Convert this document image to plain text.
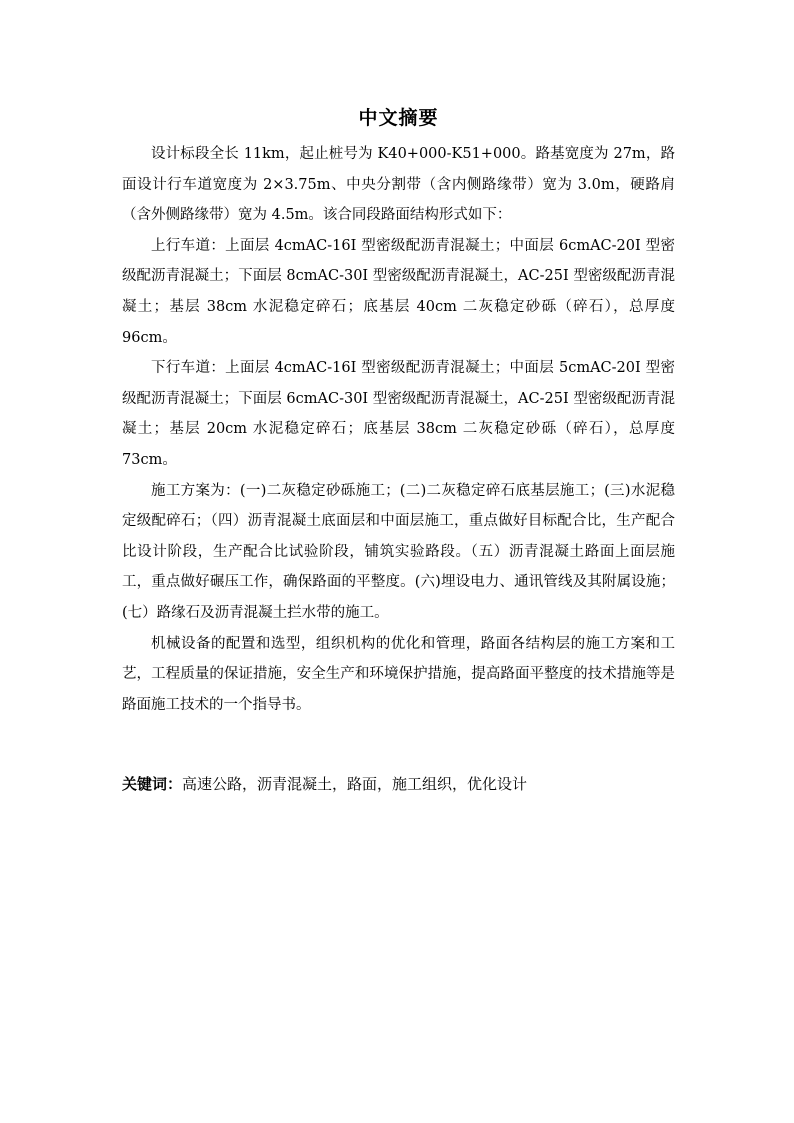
中文摘要

设计标段全长 11km，起止桩号为 K40+000-K51+000。路基宽度为 27m，路面设计行车道宽度为 2×3.75m、中央分割带（含内侧路缘带）宽为 3.0m，硬路肩（含外侧路缘带）宽为 4.5m。该合同段路面结构形式如下：

上行车道：上面层 4cmAC-16I 型密级配沥青混凝土；中面层 6cmAC-20I 型密级配沥青混凝土；下面层 8cmAC-30I 型密级配沥青混凝土，AC-25I 型密级配沥青混凝土；基层 38cm 水泥稳定碎石；底基层 40cm 二灰稳定砂砾（碎石），总厚度 96cm。

下行车道：上面层 4cmAC-16I 型密级配沥青混凝土；中面层 5cmAC-20I 型密级配沥青混凝土；下面层 6cmAC-30I 型密级配沥青混凝土，AC-25I 型密级配沥青混凝土；基层 20cm 水泥稳定碎石；底基层 38cm 二灰稳定砂砾（碎石），总厚度 73cm。

施工方案为：(一)二灰稳定砂砾施工；(二)二灰稳定碎石底基层施工；(三)水泥稳定级配碎石；（四）沥青混凝土底面层和中面层施工，重点做好目标配合比，生产配合比设计阶段，生产配合比试验阶段，铺筑实验路段。（五）沥青混凝土路面上面层施工，重点做好碾压工作，确保路面的平整度。(六)埋设电力、通讯管线及其附属设施；(七）路缘石及沥青混凝土拦水带的施工。

机械设备的配置和选型，组织机构的优化和管理，路面各结构层的施工方案和工艺，工程质量的保证措施，安全生产和环境保护措施，提高路面平整度的技术措施等是路面施工技术的一个指导书。

关键词：高速公路，沥青混凝土，路面，施工组织，优化设计
